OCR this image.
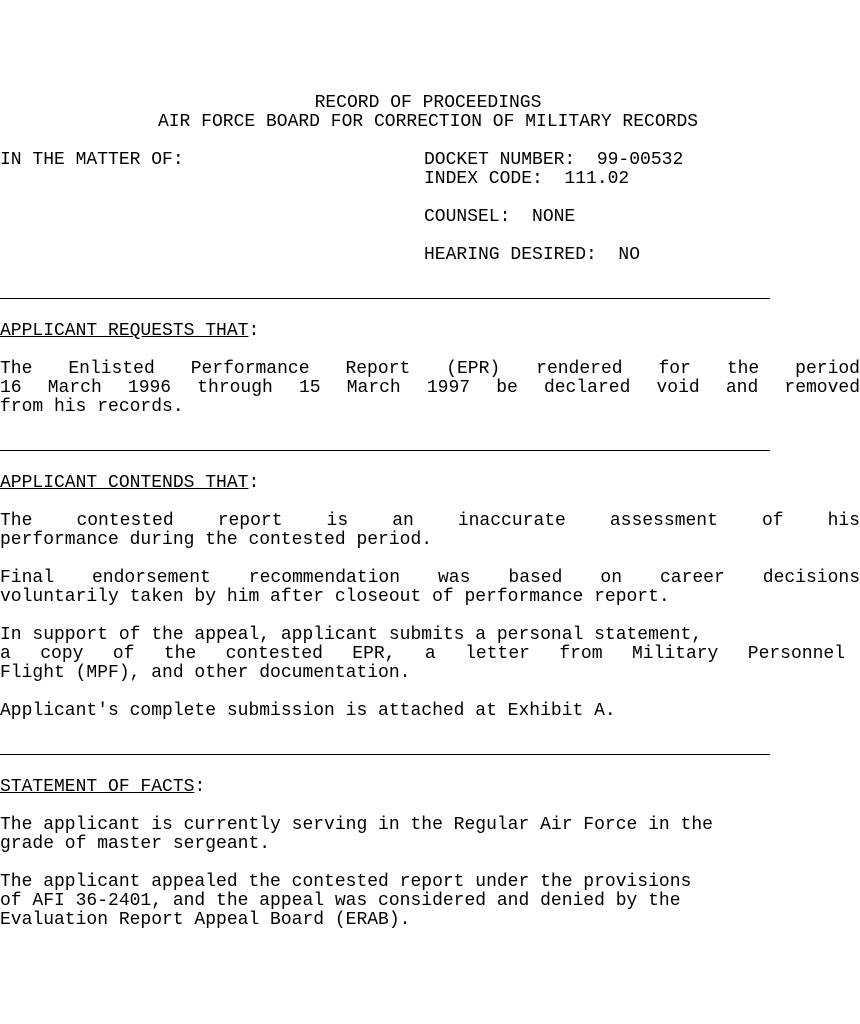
RECORD OF PROCEEDINGS
AIR FORCE BOARD FOR CORRECTION OF MILITARY RECORDS
IN THE MATTER OF:	DOCKET NUMBER:  99-00532
INDEX CODE:  111.02
COUNSEL:  NONE
HEARING DESIRED:  NO
APPLICANT REQUESTS THAT:
The Enlisted Performance Report (EPR) rendered for the period
16 March 1996 through 15 March 1997 be declared void and removed
from his records.
APPLICANT CONTENDS THAT:
The contested report is an inaccurate assessment of his
performance during the contested period.
Final endorsement recommendation was based on career decisions
voluntarily taken by him after closeout of performance report.
In support of the appeal, applicant submits a personal statement,
a copy of the contested EPR, a letter from Military Personnel
Flight (MPF), and other documentation.
Applicant's complete submission is attached at Exhibit A.
STATEMENT OF FACTS:
The applicant is currently serving in the Regular Air Force in the
grade of master sergeant.
The applicant appealed the contested report under the provisions
of AFI 36-2401, and the appeal was considered and denied by the
Evaluation Report Appeal Board (ERAB).
